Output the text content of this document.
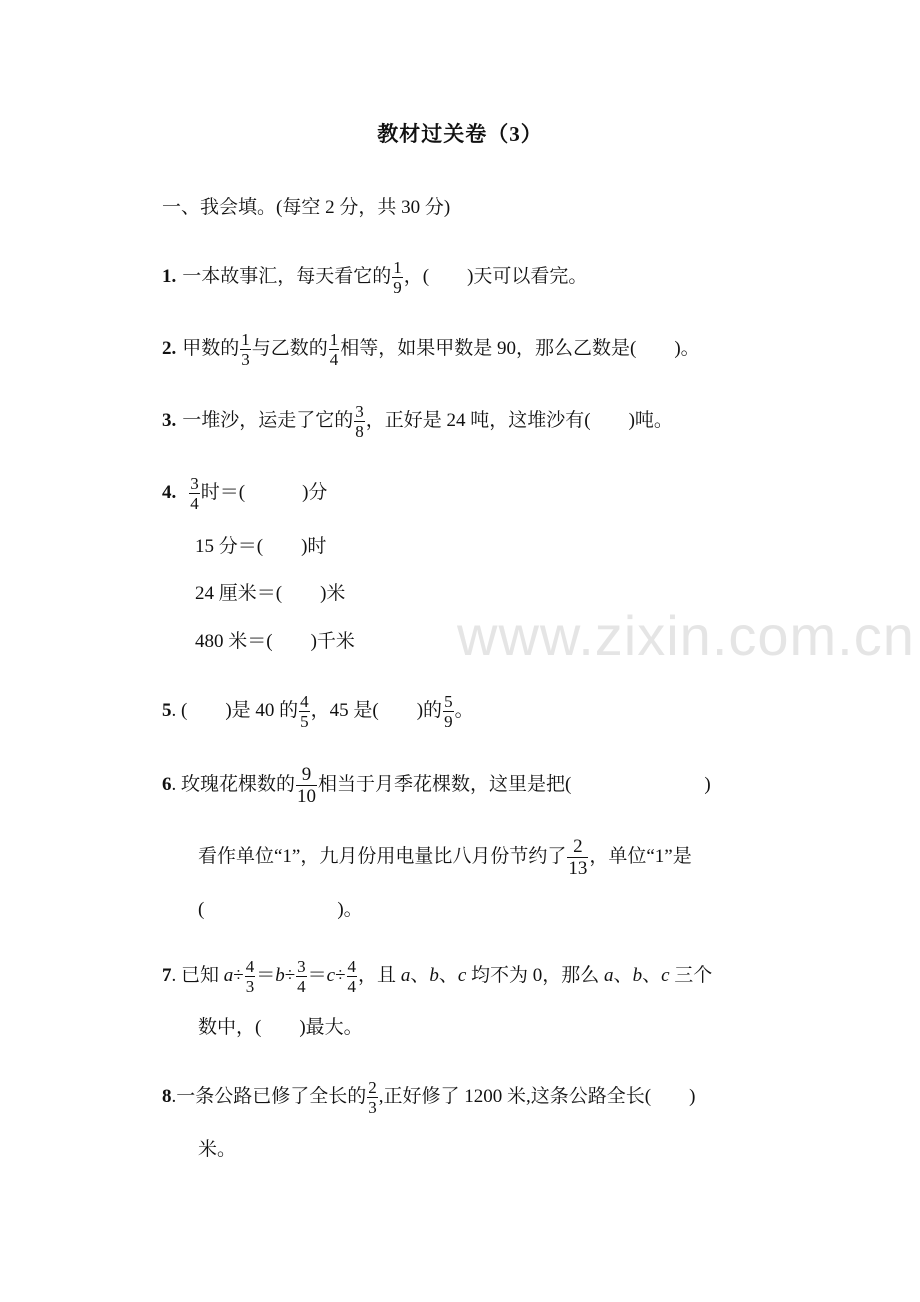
教材过关卷（3）
一、我会填。(每空 2 分，共 30 分)
1. 一本故事汇，每天看它的 $\frac{1}{9}$ ，(　　)天可以看完。
2. 甲数的 $\frac{1}{3}$ 与乙数的 $\frac{1}{4}$ 相等，如果甲数是 90，那么乙数是(　　)。
3. 一堆沙，运走了它的 $\frac{3}{8}$ ，正好是 24 吨，这堆沙有(　　)吨。
4. $\frac{3}{4}$ 时＝(　　　)分
15 分＝(　　)时
24 厘米＝(　　)米
480 米＝(　　)千米
5. (　　)是 40 的 $\frac{4}{5}$ ，45 是(　　)的 $\frac{5}{9}$ 。
6. 玫瑰花棵数的 $\frac{9}{10}$ 相当于月季花棵数，这里是把(　　　　　　　)
看作单位“1”，九月份用电量比八月份节约了 $\frac{2}{13}$ ，单位“1”是
(　　　　　　　)。
7. 已知 $a\div \frac{4}{3} =b\div \frac{3}{4} =c\div \frac{4}{4}$ ，且 a、b、c 均不为 0，那么 a、b、c 三个
数中，(　　)最大。
8.一条公路已修了全长的 $\frac{2}{3}$ ,正好修了 1200 米,这条公路全长(　　)
米。
www.zixin.com.cn
